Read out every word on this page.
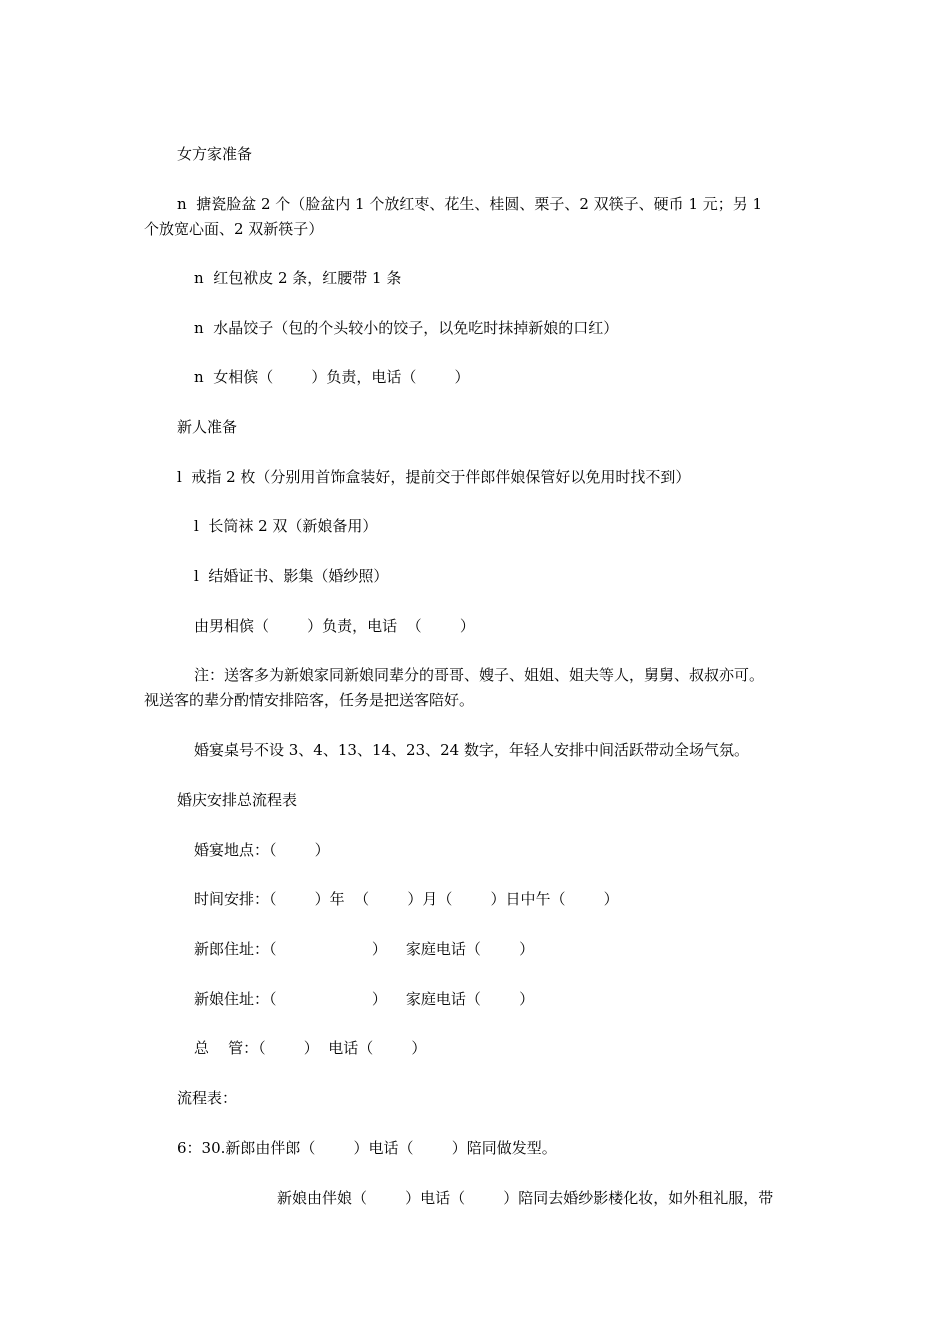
女方家准备
n  搪瓷脸盆 2 个（脸盆内 1 个放红枣、花生、桂圆、栗子、2 双筷子、硬币 1 元；另 1
个放宽心面、2 双新筷子）
n  红包袱皮 2 条，红腰带 1 条
n  水晶饺子（包的个头较小的饺子，以免吃时抹掉新娘的口红）
n  女相傧（        ）负责，电话（        ）
新人准备
l  戒指 2 枚（分别用首饰盒装好，提前交于伴郎伴娘保管好以免用时找不到）
l  长筒袜 2 双（新娘备用）
l  结婚证书、影集（婚纱照）
由男相傧（        ）负责，电话  （        ）
注：送客多为新娘家同新娘同辈分的哥哥、嫂子、姐姐、姐夫等人，舅舅、叔叔亦可。
视送客的辈分酌情安排陪客，任务是把送客陪好。
婚宴桌号不设 3、4、13、14、23、24 数字，年轻人安排中间活跃带动全场气氛。
婚庆安排总流程表
婚宴地点：（        ）
时间安排：（        ）年  （        ）月（        ）日中午（        ）
新郎住址：（                    ）    家庭电话（        ）
新娘住址：（                    ）    家庭电话（        ）
总    管：（        ）  电话（        ）
流程表：
6：30.新郎由伴郎（        ）电话（        ）陪同做发型。
新娘由伴娘（        ）电话（        ）陪同去婚纱影楼化妆，如外租礼服，带
